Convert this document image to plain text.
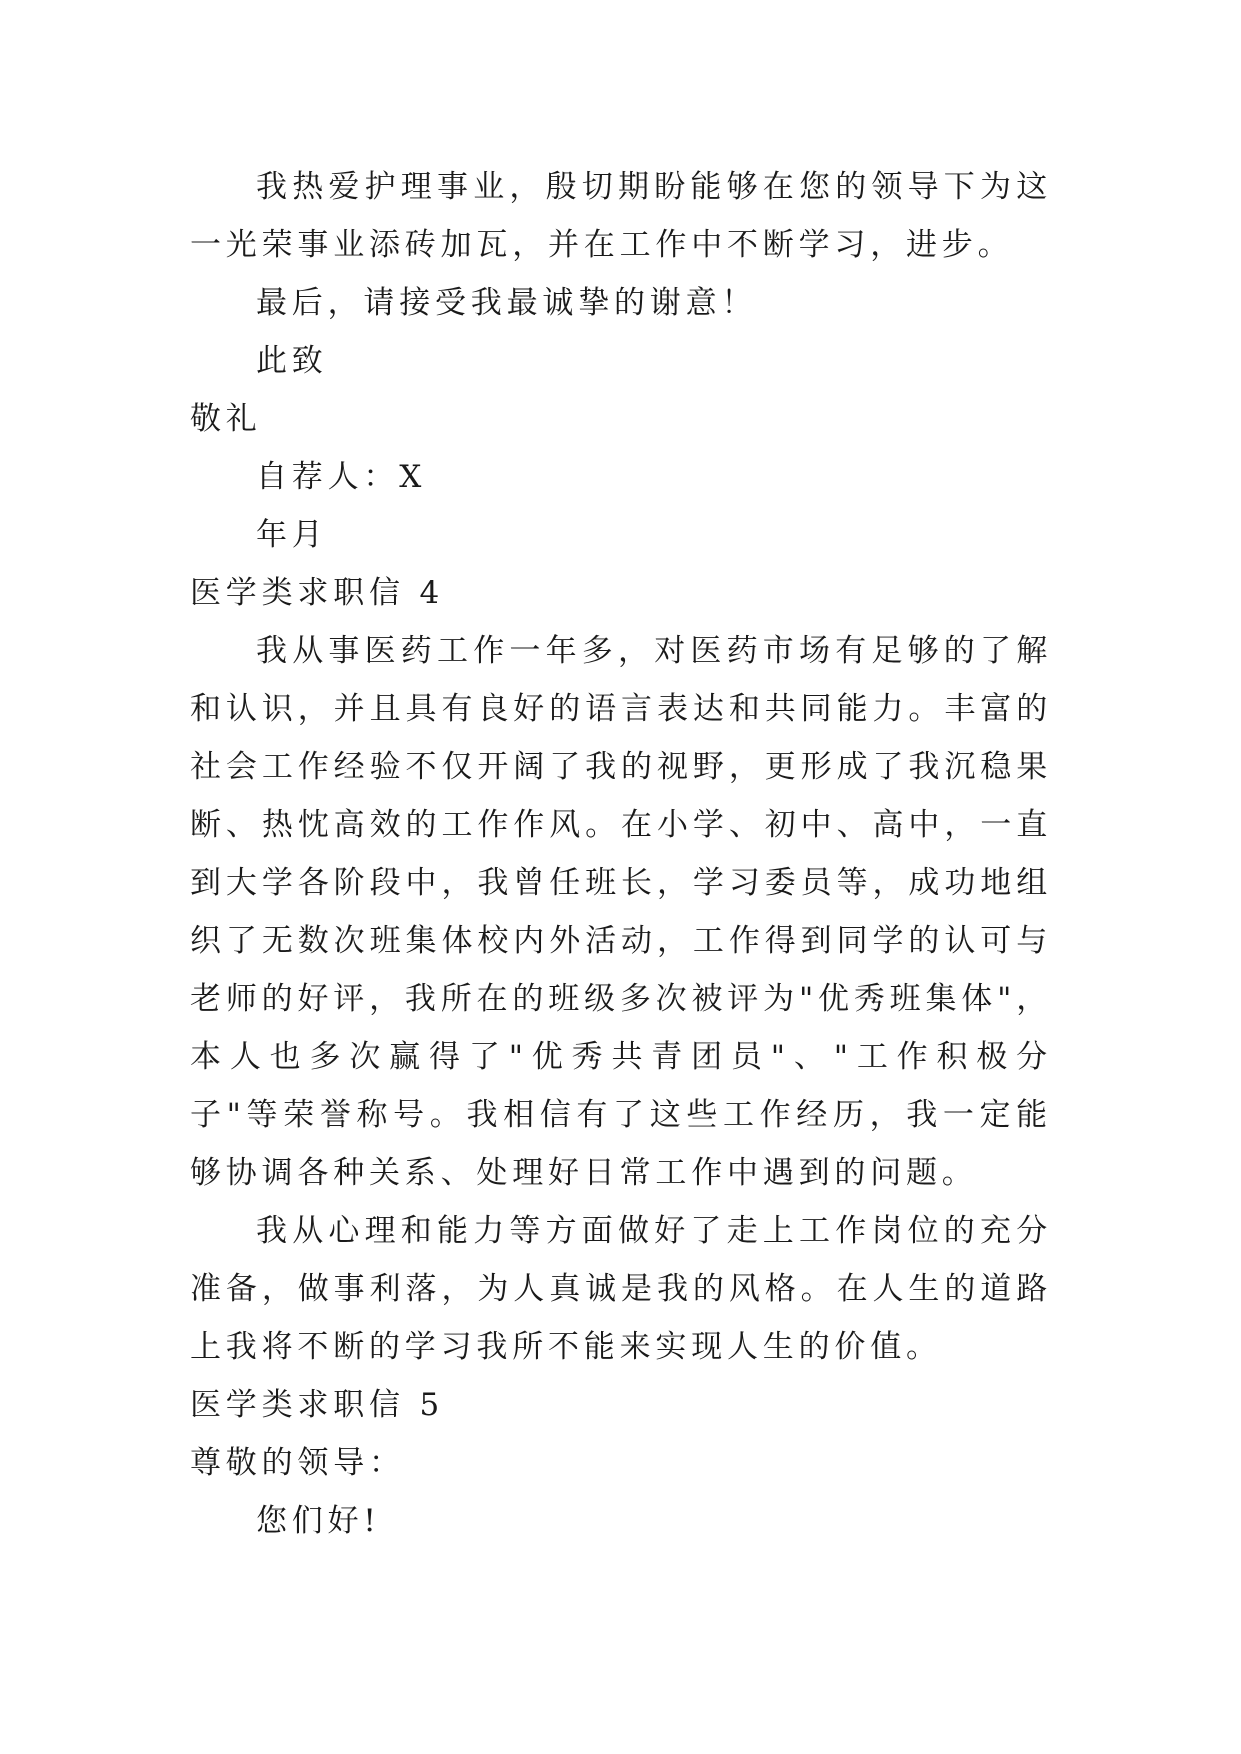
我热爱护理事业，殷切期盼能够在您的领导下为这一光荣事业添砖加瓦，并在工作中不断学习，进步。

最后，请接受我最诚挚的谢意！

此致

敬礼

自荐人：X

年月

医学类求职信 4

我从事医药工作一年多，对医药市场有足够的了解和认识，并且具有良好的语言表达和共同能力。丰富的社会工作经验不仅开阔了我的视野，更形成了我沉稳果断、热忱高效的工作作风。在小学、初中、高中，一直到大学各阶段中，我曾任班长，学习委员等，成功地组织了无数次班集体校内外活动，工作得到同学的认可与老师的好评，我所在的班级多次被评为"优秀班集体"，本人也多次赢得了"优秀共青团员"、"工作积极分子"等荣誉称号。我相信有了这些工作经历，我一定能够协调各种关系、处理好日常工作中遇到的问题。

我从心理和能力等方面做好了走上工作岗位的充分准备，做事利落，为人真诚是我的风格。在人生的道路上我将不断的学习我所不能来实现人生的价值。

医学类求职信 5

尊敬的领导：

您们好!
